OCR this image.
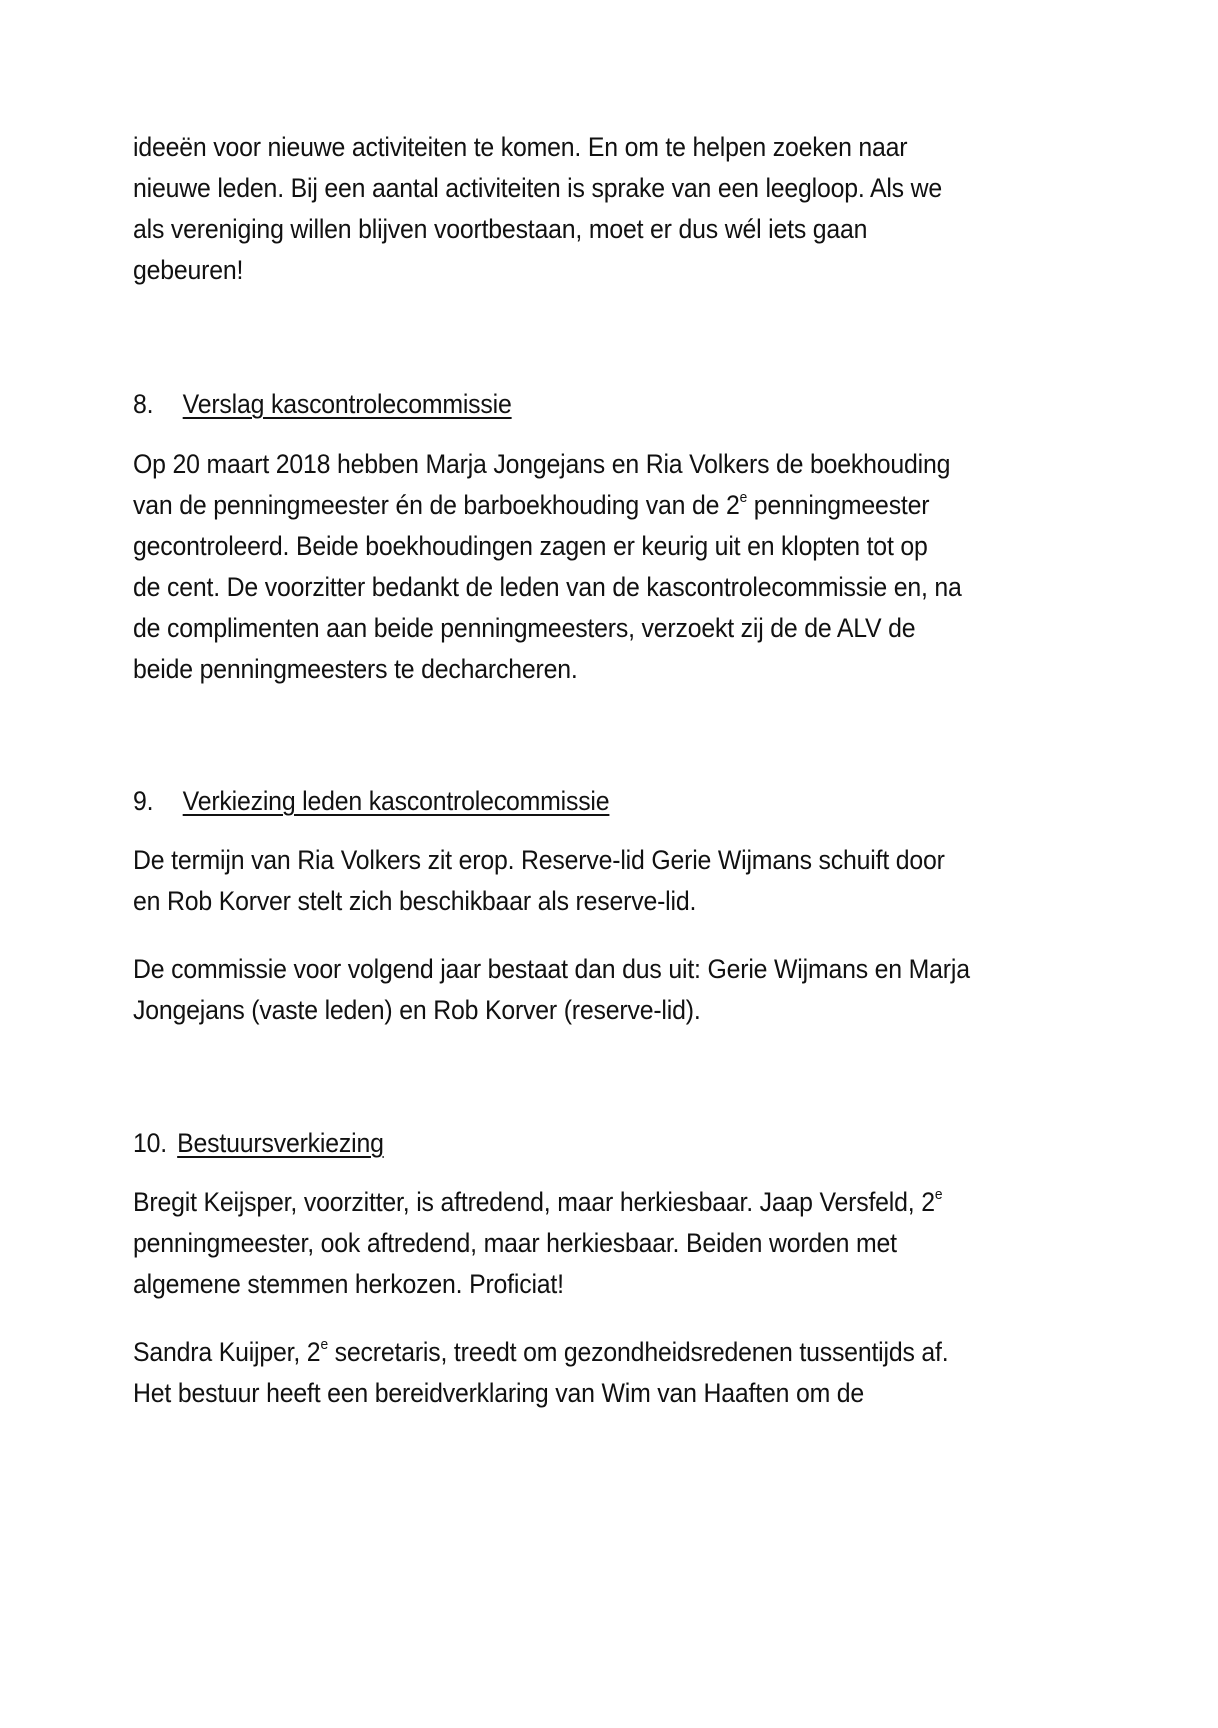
ideeën voor nieuwe activiteiten te komen. En om te helpen zoeken naar
nieuwe leden. Bij een aantal activiteiten is sprake van een leegloop. Als we
als vereniging willen blijven voortbestaan, moet er dus wél iets gaan
gebeuren!
8. Verslag kascontrolecommissie
Op 20 maart 2018 hebben Marja Jongejans en Ria Volkers de boekhouding
van de penningmeester én de barboekhouding van de 2e penningmeester
gecontroleerd. Beide boekhoudingen zagen er keurig uit en klopten tot op
de cent. De voorzitter bedankt de leden van de kascontrolecommissie en, na
de complimenten aan beide penningmeesters, verzoekt zij de de ALV de
beide penningmeesters te decharcheren.
9. Verkiezing leden kascontrolecommissie
De termijn van Ria Volkers zit erop. Reserve-lid Gerie Wijmans schuift door
en Rob Korver stelt zich beschikbaar als reserve-lid.
De commissie voor volgend jaar bestaat dan dus uit: Gerie Wijmans en Marja
Jongejans (vaste leden) en Rob Korver (reserve-lid).
10. Bestuursverkiezing
Bregit Keijsper, voorzitter, is aftredend, maar herkiesbaar. Jaap Versfeld, 2e
penningmeester, ook aftredend, maar herkiesbaar. Beiden worden met
algemene stemmen herkozen. Proficiat!
Sandra Kuijper, 2e secretaris, treedt om gezondheidsredenen tussentijds af.
Het bestuur heeft een bereidverklaring van Wim van Haaften om de
